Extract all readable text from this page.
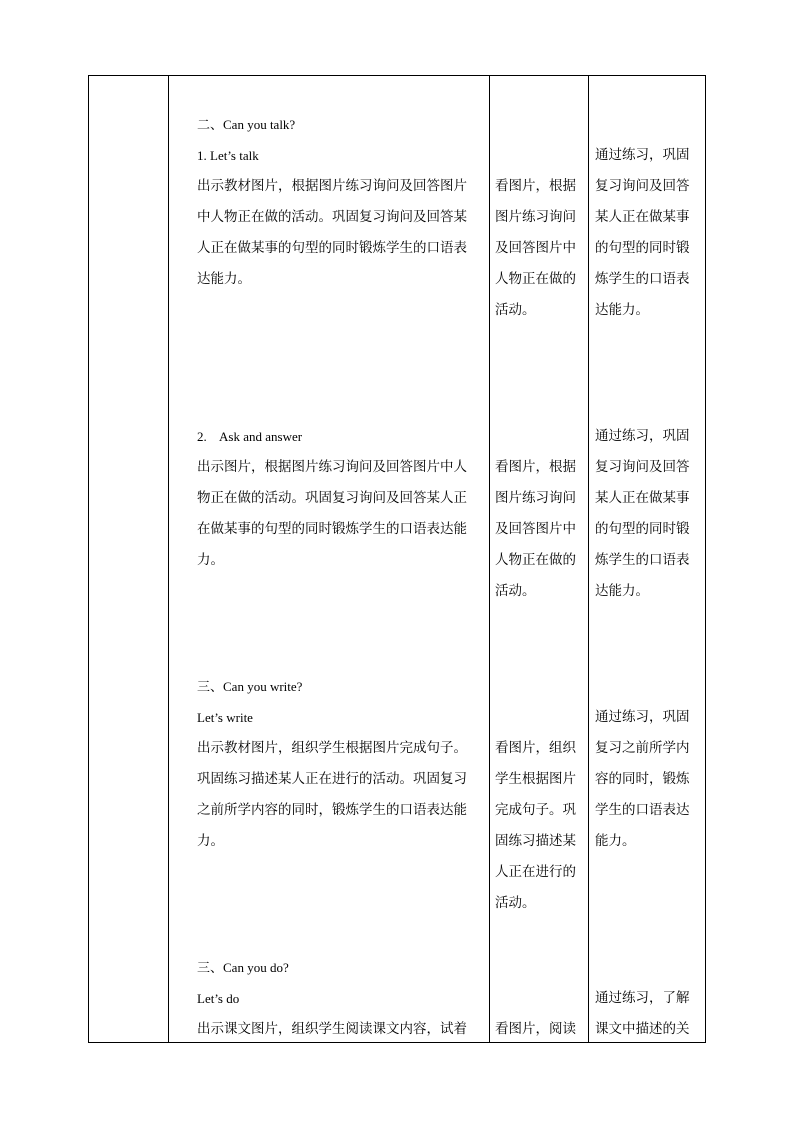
二、Can you talk?
1. Let’s talk
出示教材图片，根据图片练习询问及回答图片
中人物正在做的活动。巩固复习询问及回答某
人正在做某事的句型的同时锻炼学生的口语表
达能力。
看图片，根据
图片练习询问
及回答图片中
人物正在做的
活动。
通过练习，巩固
复习询问及回答
某人正在做某事
的句型的同时锻
炼学生的口语表
达能力。
2.    Ask and answer
出示图片，根据图片练习询问及回答图片中人
物正在做的活动。巩固复习询问及回答某人正
在做某事的句型的同时锻炼学生的口语表达能
力。
看图片，根据
图片练习询问
及回答图片中
人物正在做的
活动。
通过练习，巩固
复习询问及回答
某人正在做某事
的句型的同时锻
炼学生的口语表
达能力。
三、Can you write?
Let’s write
出示教材图片，组织学生根据图片完成句子。
巩固练习描述某人正在进行的活动。巩固复习
之前所学内容的同时，锻炼学生的口语表达能
力。
看图片，组织
学生根据图片
完成句子。巩
固练习描述某
人正在进行的
活动。
通过练习，巩固
复习之前所学内
容的同时，锻炼
学生的口语表达
能力。
三、Can you do?
Let’s do
出示课文图片，组织学生阅读课文内容，试着	看图片，阅读
通过练习，了解
课文中描述的关
